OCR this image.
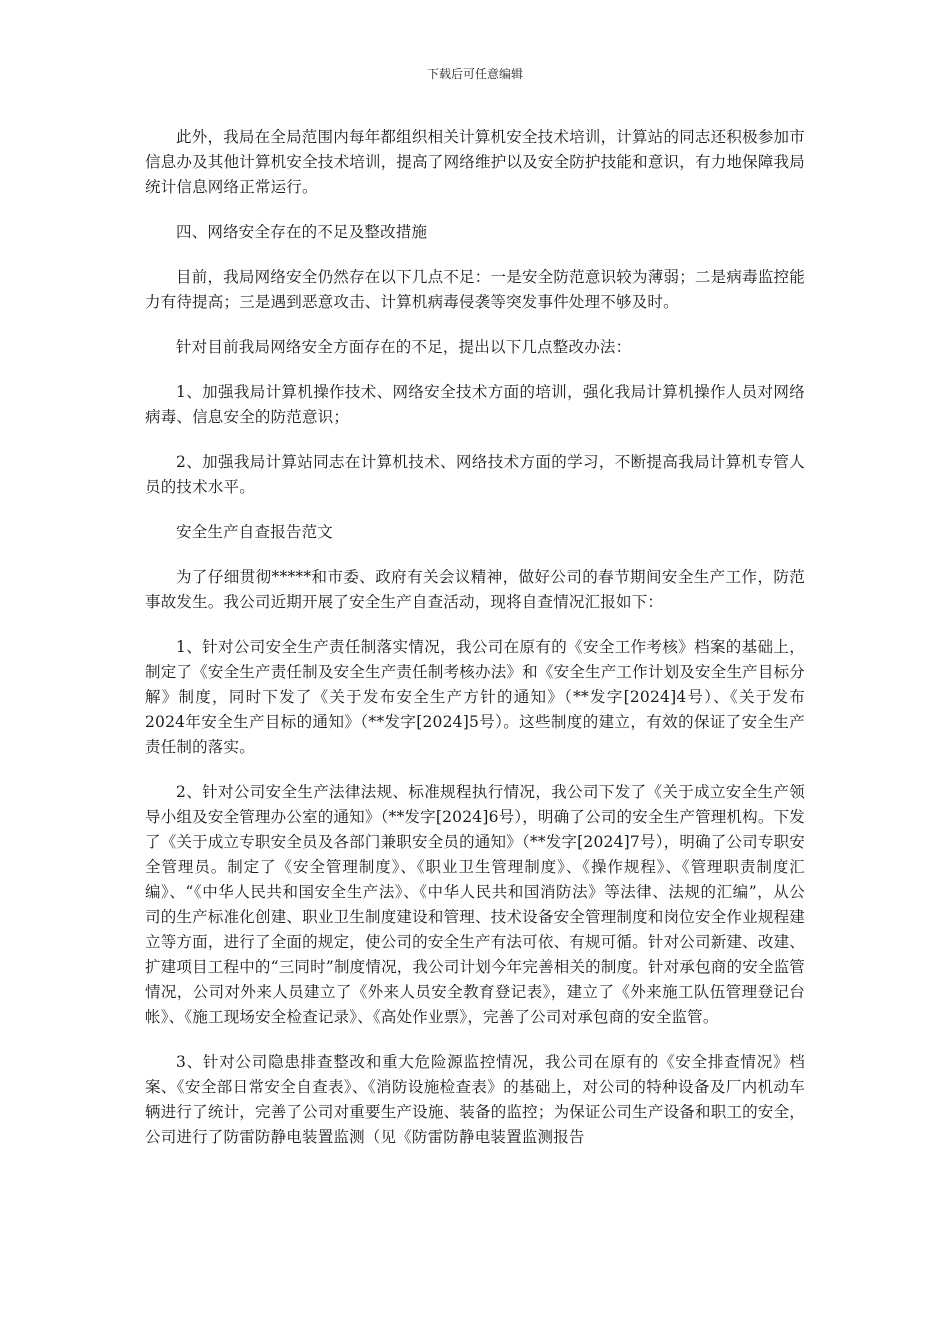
下载后可任意编辑

此外，我局在全局范围内每年都组织相关计算机安全技术培训，计算站的同志还积极参加市信息办及其他计算机安全技术培训，提高了网络维护以及安全防护技能和意识，有力地保障我局统计信息网络正常运行。

四、网络安全存在的不足及整改措施

目前，我局网络安全仍然存在以下几点不足：一是安全防范意识较为薄弱；二是病毒监控能力有待提高；三是遇到恶意攻击、计算机病毒侵袭等突发事件处理不够及时。

针对目前我局网络安全方面存在的不足，提出以下几点整改办法：

1、加强我局计算机操作技术、网络安全技术方面的培训，强化我局计算机操作人员对网络病毒、信息安全的防范意识；

2、加强我局计算站同志在计算机技术、网络技术方面的学习，不断提高我局计算机专管人员的技术水平。

安全生产自查报告范文

为了仔细贯彻*****和市委、政府有关会议精神，做好公司的春节期间安全生产工作，防范事故发生。我公司近期开展了安全生产自查活动，现将自查情况汇报如下：

1、针对公司安全生产责任制落实情况，我公司在原有的《安全工作考核》档案的基础上，制定了《安全生产责任制及安全生产责任制考核办法》和《安全生产工作计划及安全生产目标分解》制度，同时下发了《关于发布安全生产方针的通知》（**发字[2024]4号）、《关于发布2024年安全生产目标的通知》（**发字[2024]5号）。这些制度的建立，有效的保证了安全生产责任制的落实。

2、针对公司安全生产法律法规、标准规程执行情况，我公司下发了《关于成立安全生产领导小组及安全管理办公室的通知》（**发字[2024]6号），明确了公司的安全生产管理机构。下发了《关于成立专职安全员及各部门兼职安全员的通知》（**发字[2024]7号），明确了公司专职安全管理员。制定了《安全管理制度》、《职业卫生管理制度》、《操作规程》、《管理职责制度汇编》、“《中华人民共和国安全生产法》、《中华人民共和国消防法》等法律、法规的汇编”，从公司的生产标准化创建、职业卫生制度建设和管理、技术设备安全管理制度和岗位安全作业规程建立等方面，进行了全面的规定，使公司的安全生产有法可依、有规可循。针对公司新建、改建、扩建项目工程中的“三同时”制度情况，我公司计划今年完善相关的制度。针对承包商的安全监管情况，公司对外来人员建立了《外来人员安全教育登记表》，建立了《外来施工队伍管理登记台帐》、《施工现场安全检查记录》、《高处作业票》，完善了公司对承包商的安全监管。

3、针对公司隐患排查整改和重大危险源监控情况，我公司在原有的《安全排查情况》档案、《安全部日常安全自查表》、《消防设施检查表》的基础上，对公司的特种设备及厂内机动车辆进行了统计，完善了公司对重要生产设施、装备的监控；为保证公司生产设备和职工的安全，公司进行了防雷防静电装置监测（见《防雷防静电装置监测报告
